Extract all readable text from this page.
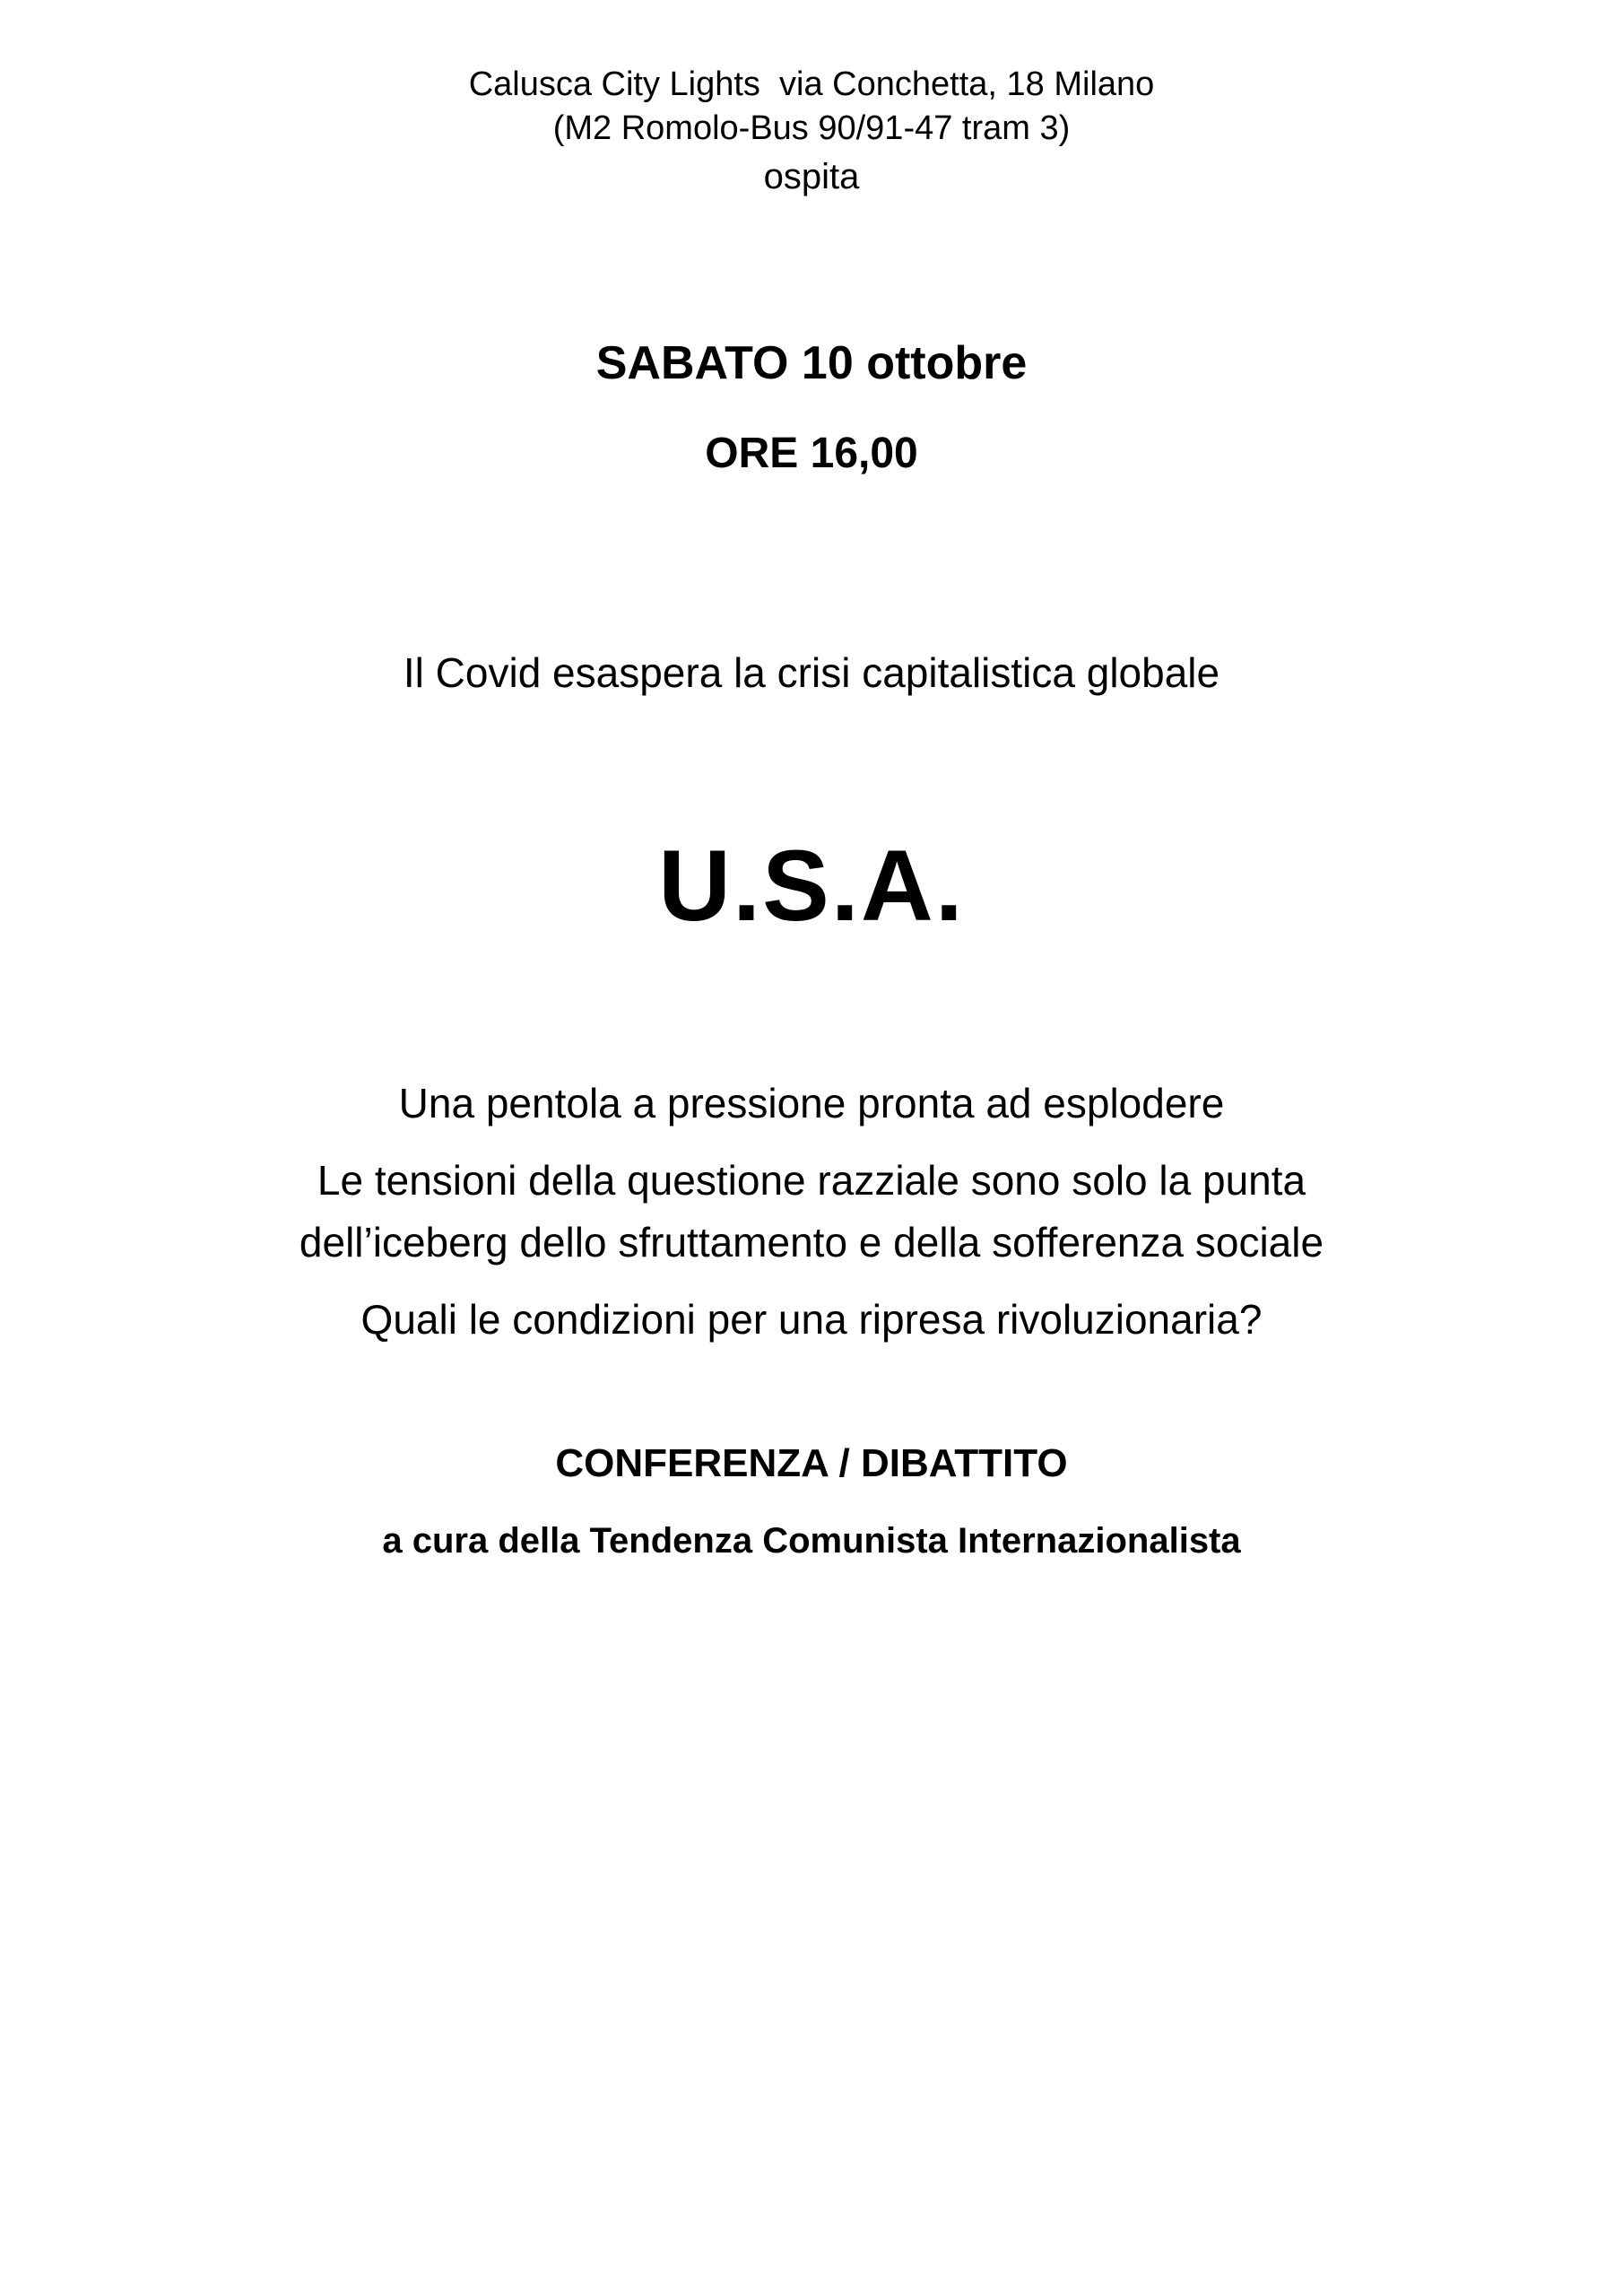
Calusca City Lights  via Conchetta, 18 Milano
(M2 Romolo-Bus 90/91-47 tram 3)
ospita
SABATO 10 ottobre
ORE 16,00
Il Covid esaspera la crisi capitalistica globale
U.S.A.
Una pentola a pressione pronta ad esplodere
Le tensioni della questione razziale sono solo la punta
dell’iceberg dello sfruttamento e della sofferenza sociale
Quali le condizioni per una ripresa rivoluzionaria?
CONFERENZA / DIBATTITO
a cura della Tendenza Comunista Internazionalista
